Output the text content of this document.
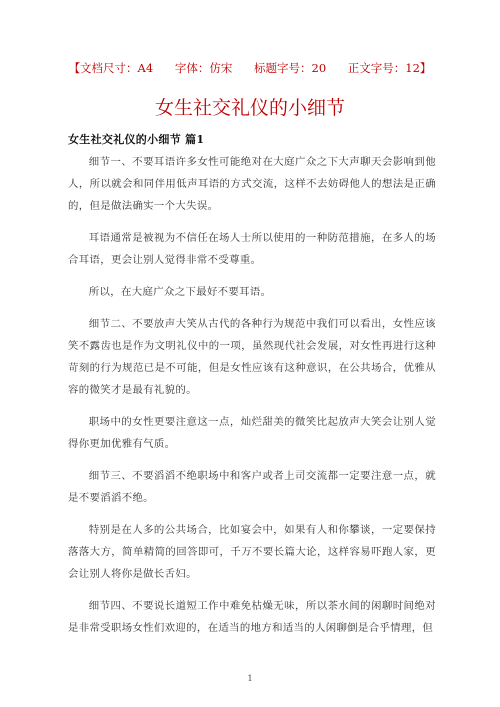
【文档尺寸：A4 字体：仿宋 标题字号：20 正文字号：12】
女生社交礼仪的小细节
女生社交礼仪的小细节 篇1

细节一、不要耳语许多女性可能绝对在大庭广众之下大声聊天会影响到他人，所以就会和同伴用低声耳语的方式交流，这样不去妨碍他人的想法是正确的，但是做法确实一个大失误。

耳语通常是被视为不信任在场人士所以使用的一种防范措施，在多人的场合耳语，更会让别人觉得非常不受尊重。

所以，在大庭广众之下最好不要耳语。

细节二、不要放声大笑从古代的各种行为规范中我们可以看出，女性应该笑不露齿也是作为文明礼仪中的一项，虽然现代社会发展，对女性再进行这种苛刻的行为规范已是不可能，但是女性应该有这种意识，在公共场合，优雅从容的微笑才是最有礼貌的。

职场中的女性更要注意这一点，灿烂甜美的微笑比起放声大笑会让别人觉得你更加优雅有气质。

细节三、不要滔滔不绝职场中和客户或者上司交流都一定要注意一点，就是不要滔滔不绝。

特别是在人多的公共场合，比如宴会中，如果有人和你攀谈，一定要保持落落大方，简单精简的回答即可，千万不要长篇大论，这样容易吓跑人家，更会让别人将你是做长舌妇。

细节四、不要说长道短工作中难免枯燥无味，所以茶水间的闲聊时间绝对是非常受职场女性们欢迎的，在适当的地方和适当的人闲聊倒是合乎情理，但

1
